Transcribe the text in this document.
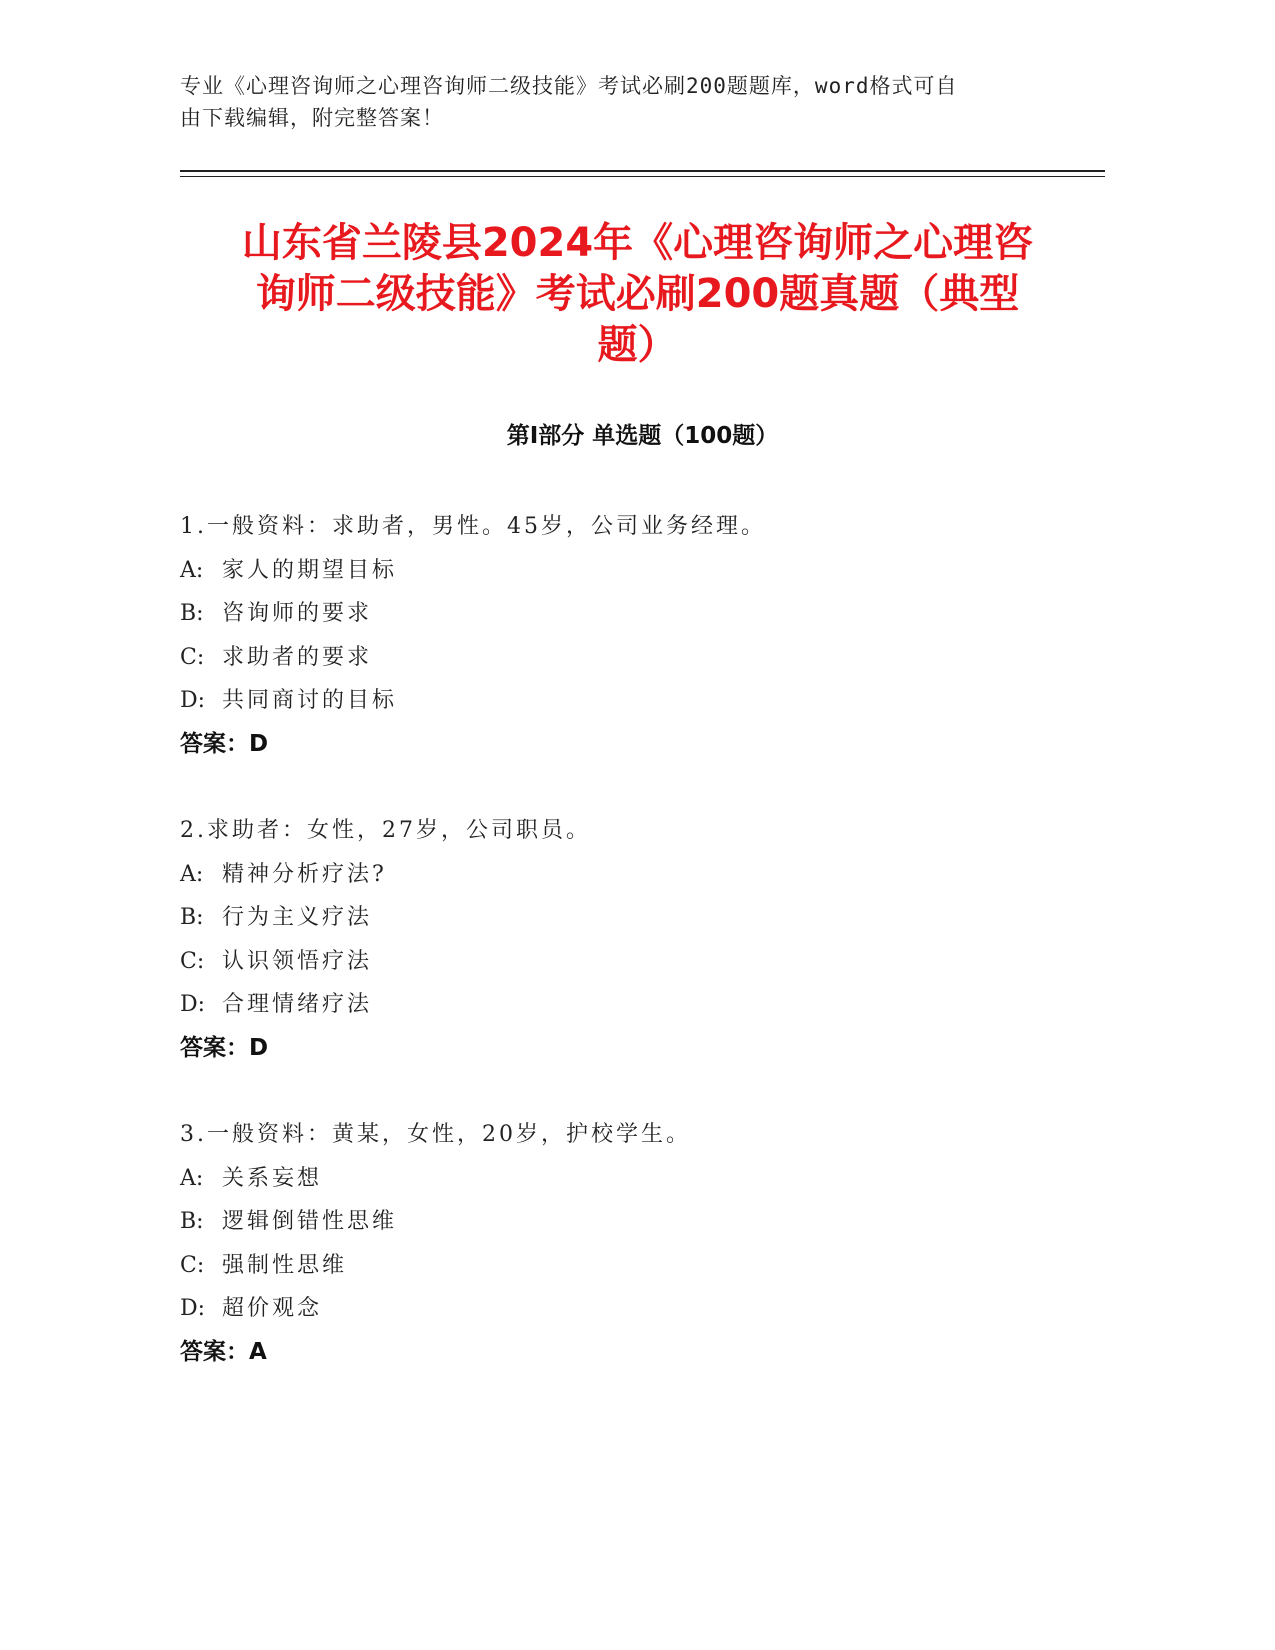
专业《心理咨询师之心理咨询师二级技能》考试必刷200题题库，word格式可自
由下载编辑，附完整答案！
山东省兰陵县2024年《心理咨询师之心理咨
询师二级技能》考试必刷200题真题（典型
题）
第Ⅰ部分 单选题（100题）
1.一般资料：求助者，男性。45岁，公司业务经理。
A: 家人的期望目标
B: 咨询师的要求
C: 求助者的要求
D: 共同商讨的目标
答案：D
2.求助者：女性，27岁，公司职员。
A: 精神分析疗法?
B: 行为主义疗法
C: 认识领悟疗法
D: 合理情绪疗法
答案：D
3.一般资料：黄某，女性，20岁，护校学生。
A: 关系妄想
B: 逻辑倒错性思维
C: 强制性思维
D: 超价观念
答案：A
